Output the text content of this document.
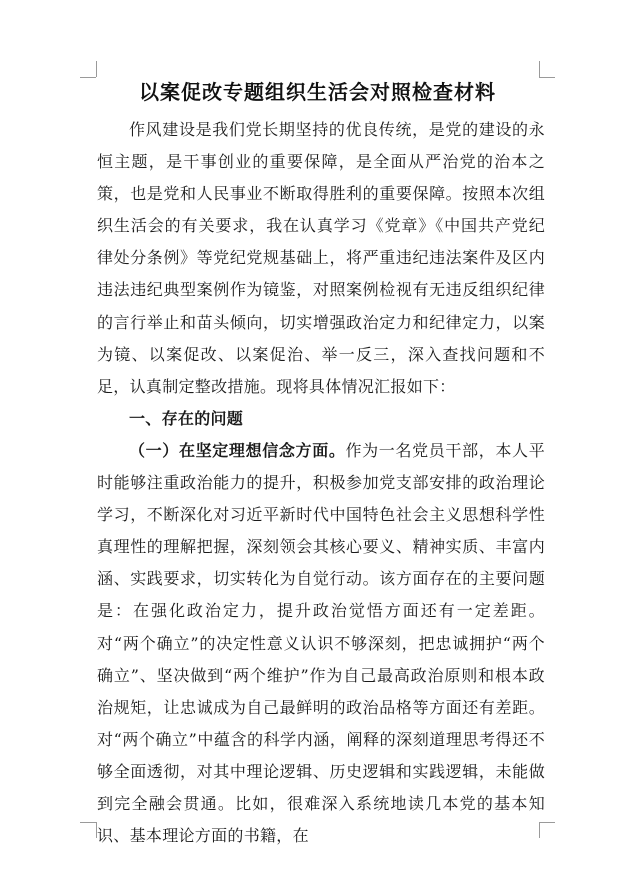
以案促改专题组织生活会对照检查材料

作风建设是我们党长期坚持的优良传统，是党的建设的永恒主题，是干事创业的重要保障，是全面从严治党的治本之策，也是党和人民事业不断取得胜利的重要保障。按照本次组织生活会的有关要求，我在认真学习《党章》《中国共产党纪律处分条例》等党纪党规基础上，将严重违纪违法案件及区内违法违纪典型案例作为镜鉴，对照案例检视有无违反组织纪律的言行举止和苗头倾向，切实增强政治定力和纪律定力，以案为镜、以案促改、以案促治、举一反三，深入查找问题和不足，认真制定整改措施。现将具体情况汇报如下：

一、存在的问题

（一）在坚定理想信念方面。作为一名党员干部，本人平时能够注重政治能力的提升，积极参加党支部安排的政治理论学习，不断深化对习近平新时代中国特色社会主义思想科学性真理性的理解把握，深刻领会其核心要义、精神实质、丰富内涵、实践要求，切实转化为自觉行动。该方面存在的主要问题是：在强化政治定力，提升政治觉悟方面还有一定差距。对“两个确立”的决定性意义认识不够深刻，把忠诚拥护“两个确立”、坚决做到“两个维护”作为自己最高政治原则和根本政治规矩，让忠诚成为自己最鲜明的政治品格等方面还有差距。对“两个确立”中蕴含的科学内涵，阐释的深刻道理思考得还不够全面透彻，对其中理论逻辑、历史逻辑和实践逻辑，未能做到完全融会贯通。比如，很难深入系统地读几本党的基本知识、基本理论方面的书籍，在
